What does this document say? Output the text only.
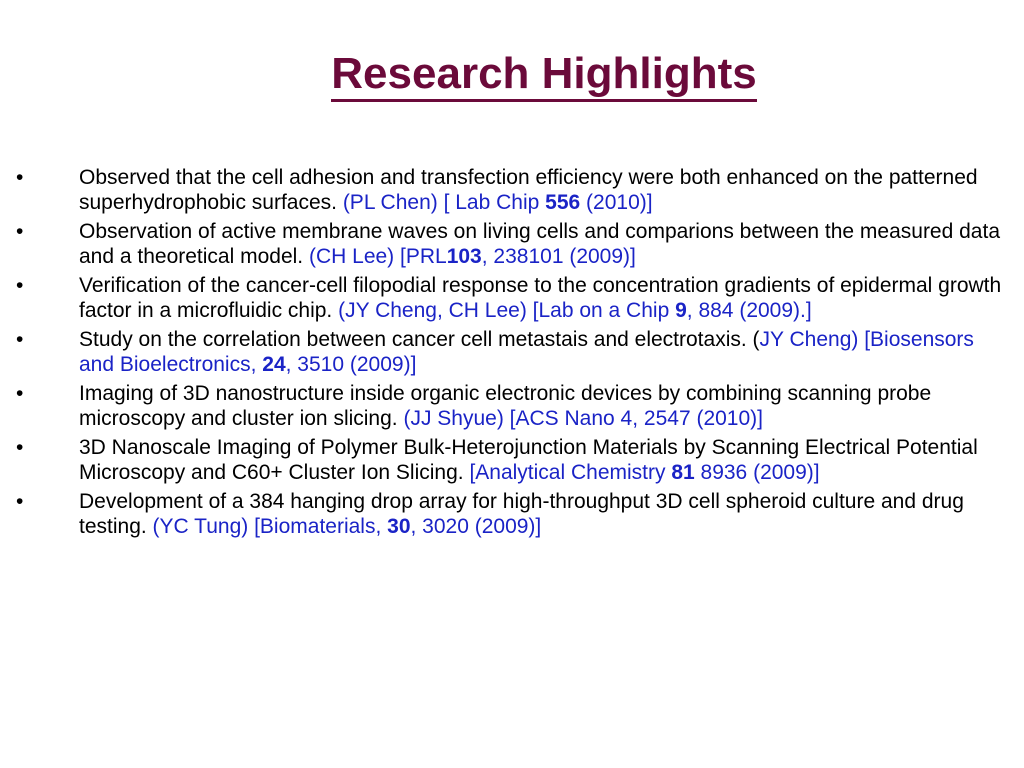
Research Highlights
•	Observed that the cell adhesion and transfection efficiency were both enhanced on the patterned superhydrophobic surfaces. (PL Chen) [ Lab Chip 556 (2010)]
•	Observation of active membrane waves on living cells and comparions between the measured data and a theoretical model. (CH Lee) [PRL103, 238101 (2009)]
•	Verification of the cancer-cell filopodial response to the concentration gradients of epidermal growth factor in a microfluidic chip. (JY Cheng, CH Lee) [Lab on a Chip 9, 884 (2009).]
•	Study on the correlation between cancer cell metastais and electrotaxis. (JY Cheng) [Biosensors and Bioelectronics, 24, 3510 (2009)]
•	Imaging of 3D nanostructure inside organic electronic devices by combining scanning probe microscopy and cluster ion slicing. (JJ Shyue) [ACS Nano 4, 2547 (2010)]
•	3D Nanoscale Imaging of Polymer Bulk-Heterojunction Materials by Scanning Electrical Potential Microscopy and C60+ Cluster Ion Slicing. [Analytical Chemistry 81 8936 (2009)]
•	Development of a 384 hanging drop array for high-throughput 3D cell spheroid culture and drug testing. (YC Tung) [Biomaterials, 30, 3020 (2009)]
